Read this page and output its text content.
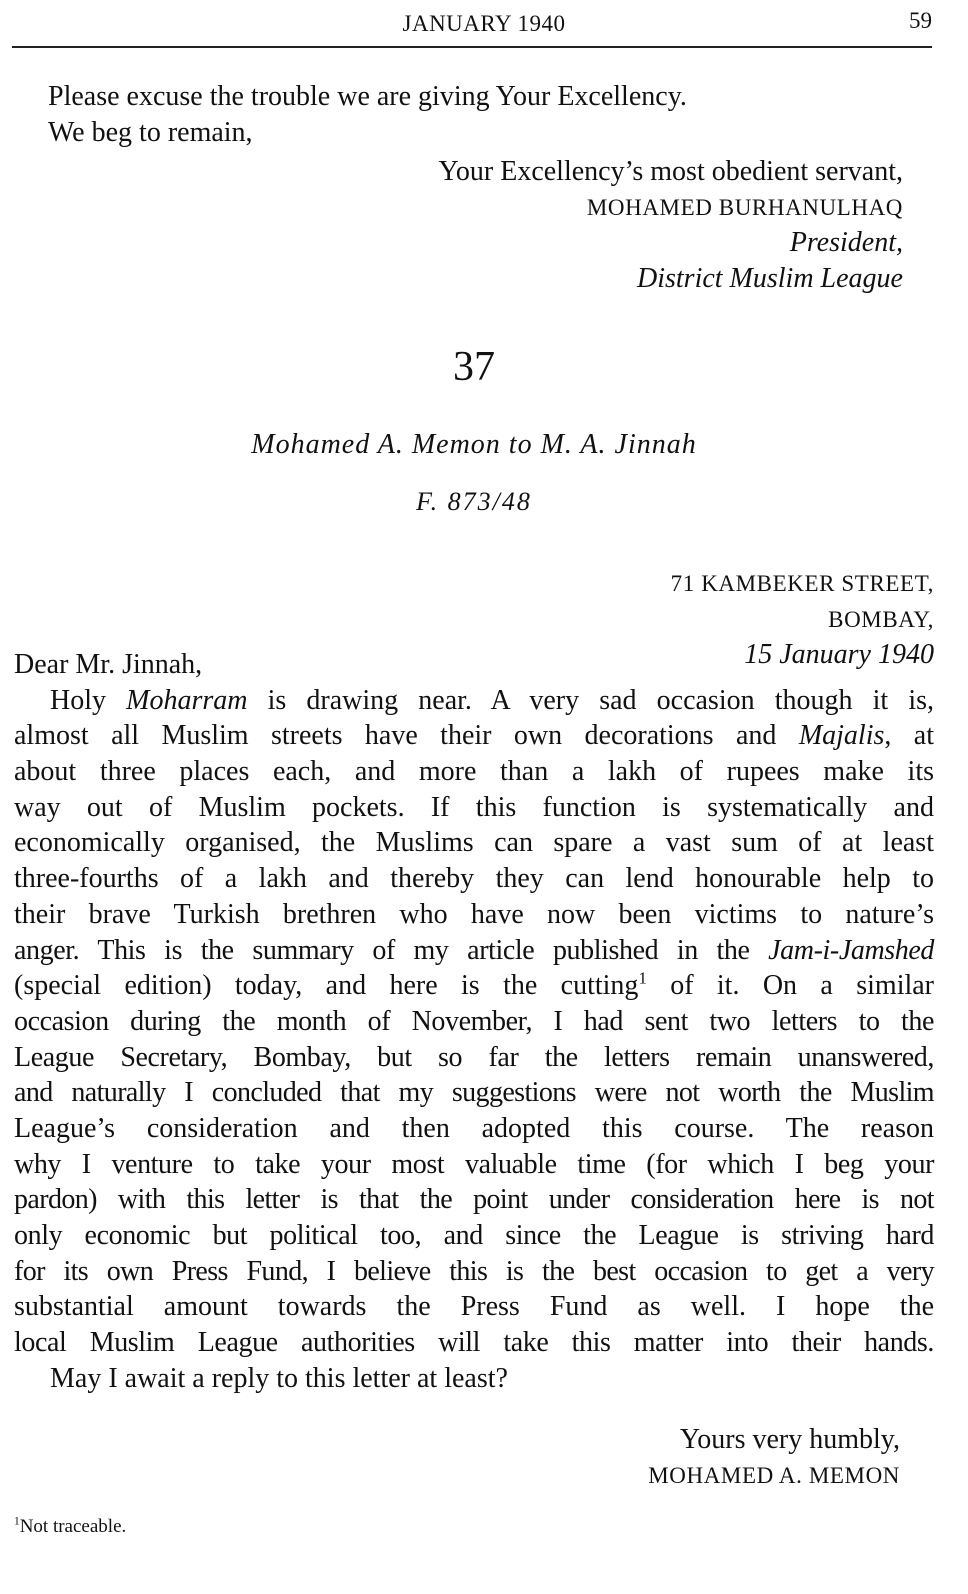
JANUARY 1940	59
Please excuse the trouble we are giving Your Excellency.
We beg to remain,
Your Excellency’s most obedient servant,
MOHAMED BURHANULHAQ
President,
District Muslim League
37
Mohamed A. Memon to M. A. Jinnah
F. 873/48
71 KAMBEKER STREET,
BOMBAY,
15 January 1940
Dear Mr. Jinnah,
Holy Moharram is drawing near. A very sad occasion though it is,
almost all Muslim streets have their own decorations and Majalis, at
about three places each, and more than a lakh of rupees make its
way out of Muslim pockets. If this function is systematically and
economically organised, the Muslims can spare a vast sum of at least
three-fourths of a lakh and thereby they can lend honourable help to
their brave Turkish brethren who have now been victims to nature’s
anger. This is the summary of my article published in the Jam-i-Jamshed
(special edition) today, and here is the cutting$^1$ of it. On a similar
occasion during the month of November, I had sent two letters to the
League Secretary, Bombay, but so far the letters remain unanswered,
and naturally I concluded that my suggestions were not worth the Muslim
League’s consideration and then adopted this course. The reason
why I venture to take your most valuable time (for which I beg your
pardon) with this letter is that the point under consideration here is not
only economic but political too, and since the League is striving hard
for its own Press Fund, I believe this is the best occasion to get a very
substantial amount towards the Press Fund as well. I hope the
local Muslim League authorities will take this matter into their hands.
May I await a reply to this letter at least?
Yours very humbly,
MOHAMED A. MEMON
$^1$Not traceable.
